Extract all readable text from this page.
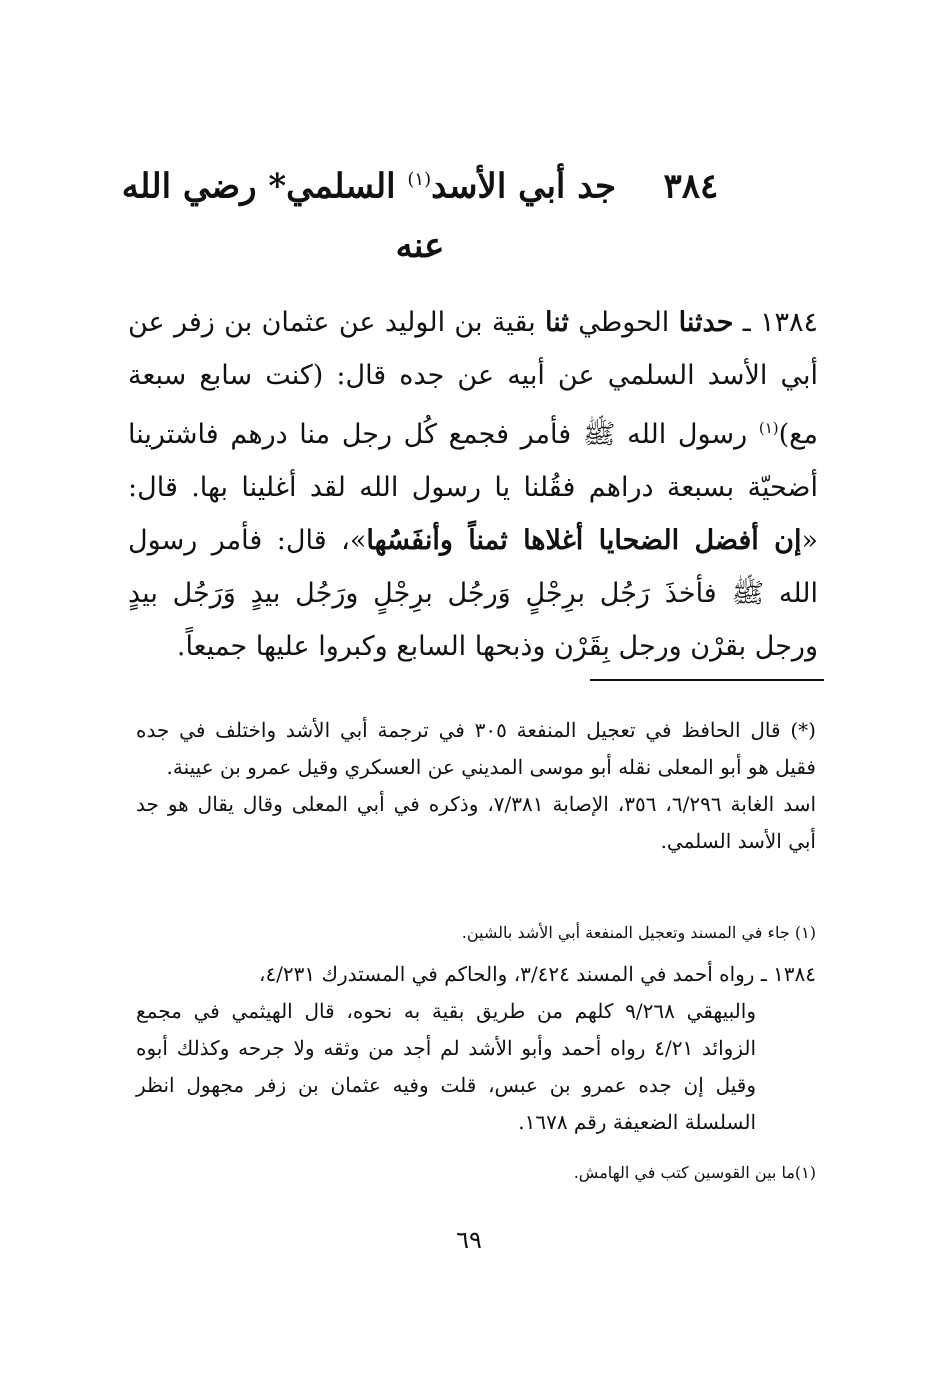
٣٨٤    جد أبي الأسد$^{(١)}$ السلمي* رضي الله عنه

١٣٨٤ ـ حدثنا الحوطي ثنا بقية بن الوليد عن عثمان بن زفر عن أبي الأسد السلمي عن أبيه عن جده قال: (كنت سابع سبعة مع)$^{(١)}$ رسول الله ﷺ فأمر فجمع كُل رجل منا درهم فاشترينا أضحيّة بسبعة دراهم فقُلنا يا رسول الله لقد أغلينا بها. قال: «إن أفضل الضحايا أغلاها ثمناً وأنفَسُها»، قال: فأمر رسول الله ﷺ فأخذَ رَجُل برِجْلٍ وَرجُل برِجْلٍ ورَجُل بيدٍ وَرَجُل بيدٍ ورجل بقرْن ورجل بِقَرْن وذبحها السابع وكبروا عليها جميعاً.

(*) قال الحافظ في تعجيل المنفعة ٣٠٥ في ترجمة أبي الأشد واختلف في جده فقيل هو أبو المعلى نقله أبو موسى المديني عن العسكري وقيل عمرو بن عيينة.

اسد الغابة ٦/٢٩٦، ٣٥٦، الإصابة ٧/٣٨١، وذكره في أبي المعلى وقال يقال هو جد أبي الأسد السلمي.

(١) جاء في المسند وتعجيل المنفعة أبي الأشد بالشين.

١٣٨٤ ـ رواه أحمد في المسند ٣/٤٢٤، والحاكم في المستدرك ٤/٢٣١،

والبيهقي ٩/٢٦٨ كلهم من طريق بقية به نحوه، قال الهيثمي في مجمع الزوائد ٤/٢١ رواه أحمد وأبو الأشد لم أجد من وثقه ولا جرحه وكذلك أبوه وقيل إن جده عمرو بن عبس، قلت وفيه عثمان بن زفر مجهول انظر السلسلة الضعيفة رقم ١٦٧٨.

(١)ما بين القوسين كتب في الهامش.

٦٩
